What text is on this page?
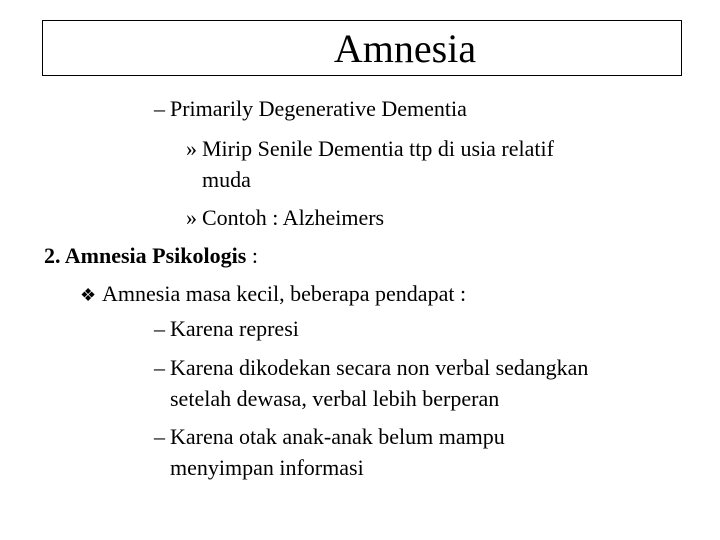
Amnesia
– Primarily Degenerative Dementia
» Mirip Senile Dementia ttp di usia relatif
muda
» Contoh : Alzheimers
2. Amnesia Psikologis :
❖ Amnesia masa kecil, beberapa pendapat :
– Karena represi
– Karena dikodekan secara non verbal sedangkan
setelah dewasa, verbal lebih berperan
– Karena otak anak-anak belum mampu
menyimpan informasi
